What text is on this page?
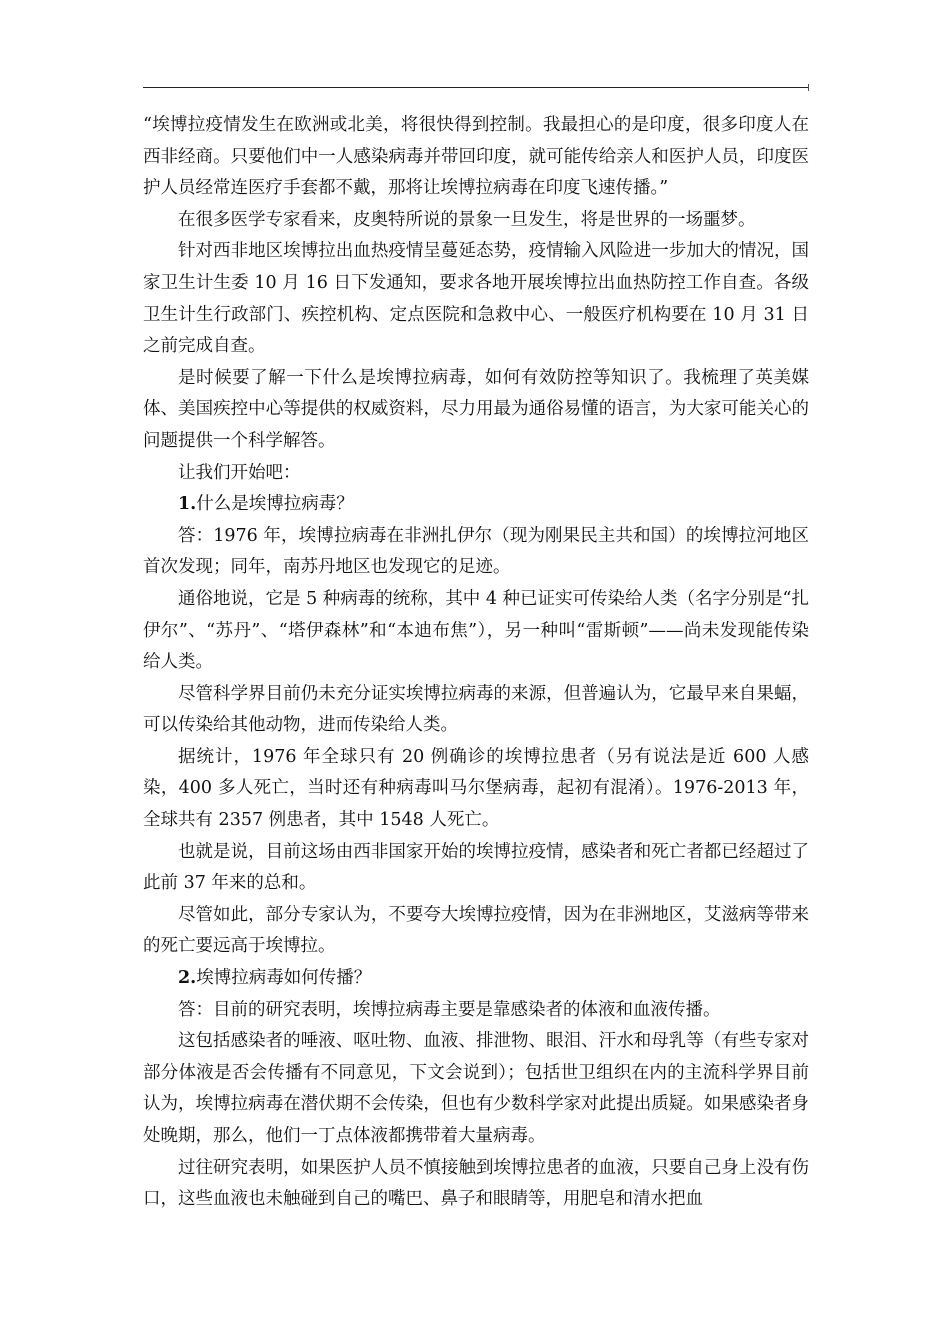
“埃博拉疫情发生在欧洲或北美，将很快得到控制。我最担心的是印度，很多印度人在西非经商。只要他们中一人感染病毒并带回印度，就可能传给亲人和医护人员，印度医护人员经常连医疗手套都不戴，那将让埃博拉病毒在印度飞速传播。”

在很多医学专家看来，皮奥特所说的景象一旦发生，将是世界的一场噩梦。

针对西非地区埃博拉出血热疫情呈蔓延态势，疫情输入风险进一步加大的情况，国家卫生计生委 10 月 16 日下发通知，要求各地开展埃博拉出血热防控工作自查。各级卫生计生行政部门、疾控机构、定点医院和急救中心、一般医疗机构要在 10 月 31 日之前完成自查。

是时候要了解一下什么是埃博拉病毒，如何有效防控等知识了。我梳理了英美媒体、美国疾控中心等提供的权威资料，尽力用最为通俗易懂的语言，为大家可能关心的问题提供一个科学解答。

让我们开始吧：

1.什么是埃博拉病毒？

答：1976 年，埃博拉病毒在非洲扎伊尔（现为刚果民主共和国）的埃博拉河地区首次发现；同年，南苏丹地区也发现它的足迹。

通俗地说，它是 5 种病毒的统称，其中 4 种已证实可传染给人类（名字分别是“扎伊尔”、“苏丹”、“塔伊森林”和“本迪布焦”），另一种叫“雷斯顿”——尚未发现能传染给人类。

尽管科学界目前仍未充分证实埃博拉病毒的来源，但普遍认为，它最早来自果蝠，可以传染给其他动物，进而传染给人类。

据统计，1976 年全球只有 20 例确诊的埃博拉患者（另有说法是近 600 人感染，400 多人死亡，当时还有种病毒叫马尔堡病毒，起初有混淆）。1976-2013 年，全球共有 2357 例患者，其中 1548 人死亡。

也就是说，目前这场由西非国家开始的埃博拉疫情，感染者和死亡者都已经超过了此前 37 年来的总和。

尽管如此，部分专家认为，不要夸大埃博拉疫情，因为在非洲地区，艾滋病等带来的死亡要远高于埃博拉。

2.埃博拉病毒如何传播？

答：目前的研究表明，埃博拉病毒主要是靠感染者的体液和血液传播。

这包括感染者的唾液、呕吐物、血液、排泄物、眼泪、汗水和母乳等（有些专家对部分体液是否会传播有不同意见，下文会说到）；包括世卫组织在内的主流科学界目前认为，埃博拉病毒在潜伏期不会传染，但也有少数科学家对此提出质疑。如果感染者身处晚期，那么，他们一丁点体液都携带着大量病毒。

过往研究表明，如果医护人员不慎接触到埃博拉患者的血液，只要自己身上没有伤口，这些血液也未触碰到自己的嘴巴、鼻子和眼睛等，用肥皂和清水把血
